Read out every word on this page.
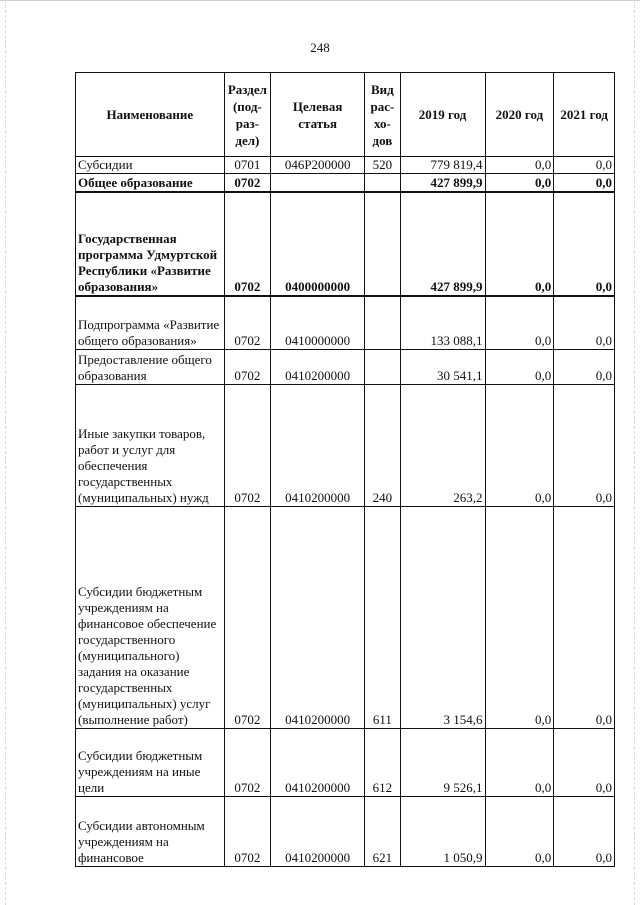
248
Наименование	Раздел (под-раз-дел)	Целевая статья	Вид рас-хо-дов	2019 год	2020 год	2021 год
Субсидии	0701	046P200000	520	779 819,4	0,0	0,0
Общее образование	0702			427 899,9	0,0	0,0
Государственная программа Удмуртской Республики «Развитие образования»	0702	0400000000		427 899,9	0,0	0,0
Подпрограмма «Развитие общего образования»	0702	0410000000		133 088,1	0,0	0,0
Предоставление общего образования	0702	0410200000		30 541,1	0,0	0,0
Иные закупки товаров, работ и услуг для обеспечения государственных (муниципальных) нужд	0702	0410200000	240	263,2	0,0	0,0
Субсидии бюджетным учреждениям на финансовое обеспечение государственного (муниципального) задания на оказание государственных (муниципальных) услуг (выполнение работ)	0702	0410200000	611	3 154,6	0,0	0,0
Субсидии бюджетным учреждениям на иные цели	0702	0410200000	612	9 526,1	0,0	0,0
Субсидии автономным учреждениям на финансовое	0702	0410200000	621	1 050,9	0,0	0,0
